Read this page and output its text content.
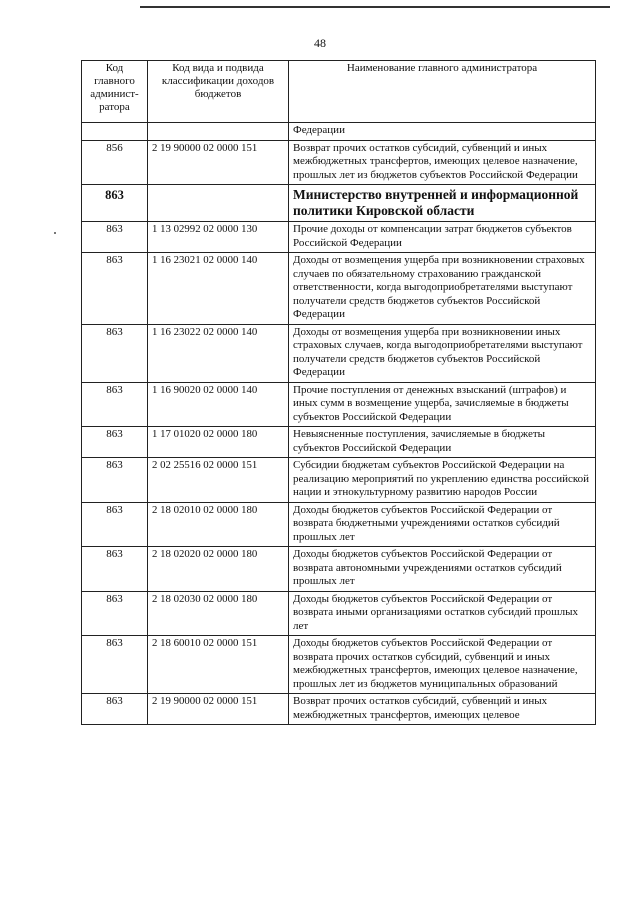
48
Код главного админист-ратора	Код вида и подвида классификации доходов бюджетов	Наименование главного администратора
		Федерации
856	2 19 90000 02 0000 151	Возврат прочих остатков субсидий, субвенций и иных межбюджетных трансфертов, имеющих целевое назначение, прошлых лет из бюджетов субъектов Российской Федерации
863		Министерство внутренней и информационной политики Кировской области
863	1 13 02992 02 0000 130	Прочие доходы от компенсации затрат бюджетов субъектов Российской Федерации
863	1 16 23021 02 0000 140	Доходы от возмещения ущерба при возникновении страховых случаев по обязательному страхованию гражданской ответственности, когда выгодоприобретателями выступают получатели средств бюджетов субъектов Российской Федерации
863	1 16 23022 02 0000 140	Доходы от возмещения ущерба при возникновении иных страховых случаев, когда выгодоприобретателями выступают получатели средств бюджетов субъектов Российской Федерации
863	1 16 90020 02 0000 140	Прочие поступления от денежных взысканий (штрафов) и иных сумм в возмещение ущерба, зачисляемые в бюджеты субъектов Российской Федерации
863	1 17 01020 02 0000 180	Невыясненные поступления, зачисляемые в бюджеты субъектов Российской Федерации
863	2 02 25516 02 0000 151	Субсидии бюджетам субъектов Российской Федерации на реализацию мероприятий по укреплению единства российской нации и этнокультурному развитию народов России
863	2 18 02010 02 0000 180	Доходы бюджетов субъектов Российской Федерации от возврата бюджетными учреждениями остатков субсидий прошлых лет
863	2 18 02020 02 0000 180	Доходы бюджетов субъектов Российской Федерации от возврата автономными учреждениями остатков субсидий прошлых лет
863	2 18 02030 02 0000 180	Доходы бюджетов субъектов Российской Федерации от возврата иными организациями остатков субсидий прошлых лет
863	2 18 60010 02 0000 151	Доходы бюджетов субъектов Российской Федерации от возврата прочих остатков субсидий, субвенций и иных межбюджетных трансфертов, имеющих целевое назначение, прошлых лет из бюджетов муниципальных образований
863	2 19 90000 02 0000 151	Возврат прочих остатков субсидий, субвенций и иных межбюджетных трансфертов, имеющих целевое
